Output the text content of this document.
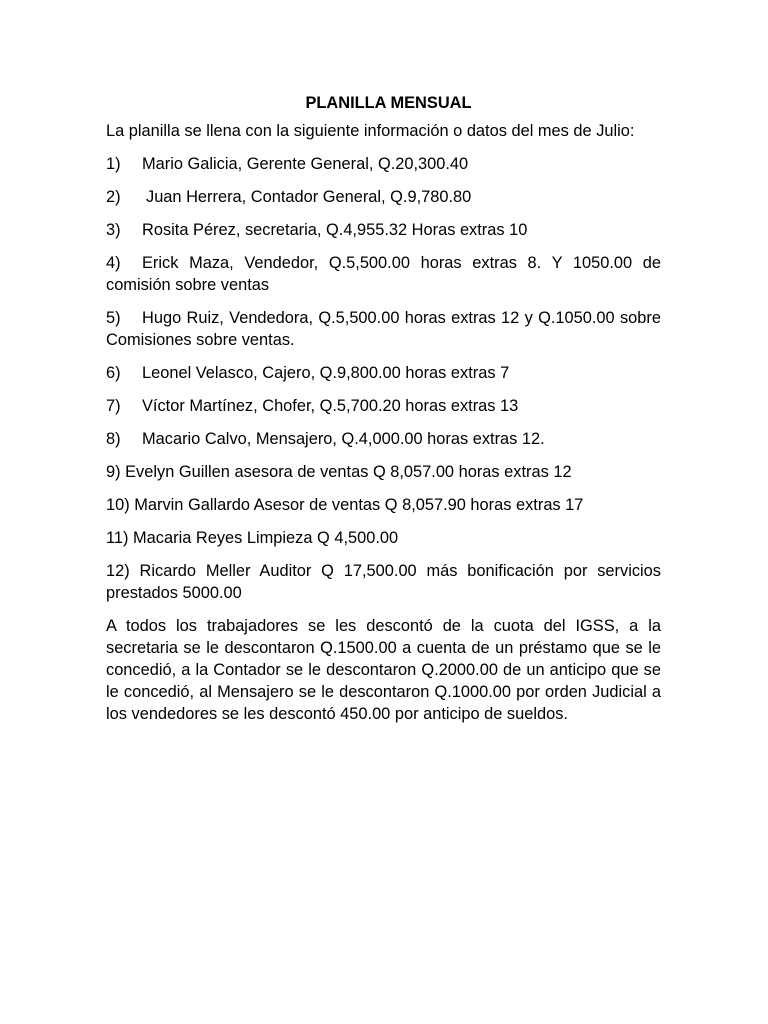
PLANILLA MENSUAL

La planilla se llena con la siguiente información o datos del mes de Julio:

1) Mario Galicia, Gerente General, Q.20,300.40
2) Juan Herrera, Contador General, Q.9,780.80
3) Rosita Pérez, secretaria, Q.4,955.32 Horas extras 10
4) Erick Maza, Vendedor, Q.5,500.00 horas extras 8. Y 1050.00 de comisión sobre ventas
5) Hugo Ruiz, Vendedora, Q.5,500.00 horas extras 12 y Q.1050.00 sobre Comisiones sobre ventas.
6) Leonel Velasco, Cajero, Q.9,800.00 horas extras 7
7) Víctor Martínez, Chofer, Q.5,700.20 horas extras 13
8) Macario Calvo, Mensajero, Q.4,000.00 horas extras 12.

9) Evelyn Guillen asesora de ventas Q 8,057.00 horas extras 12

10) Marvin Gallardo Asesor de ventas Q 8,057.90 horas extras 17

11) Macaria Reyes Limpieza Q 4,500.00

12) Ricardo Meller Auditor Q 17,500.00 más bonificación por servicios prestados 5000.00

A todos los trabajadores se les descontó de la cuota del IGSS, a la secretaria se le descontaron Q.1500.00 a cuenta de un préstamo que se le concedió, a la Contador se le descontaron Q.2000.00 de un anticipo que se le concedió, al Mensajero se le descontaron Q.1000.00 por orden Judicial a los vendedores se les descontó 450.00 por anticipo de sueldos.
